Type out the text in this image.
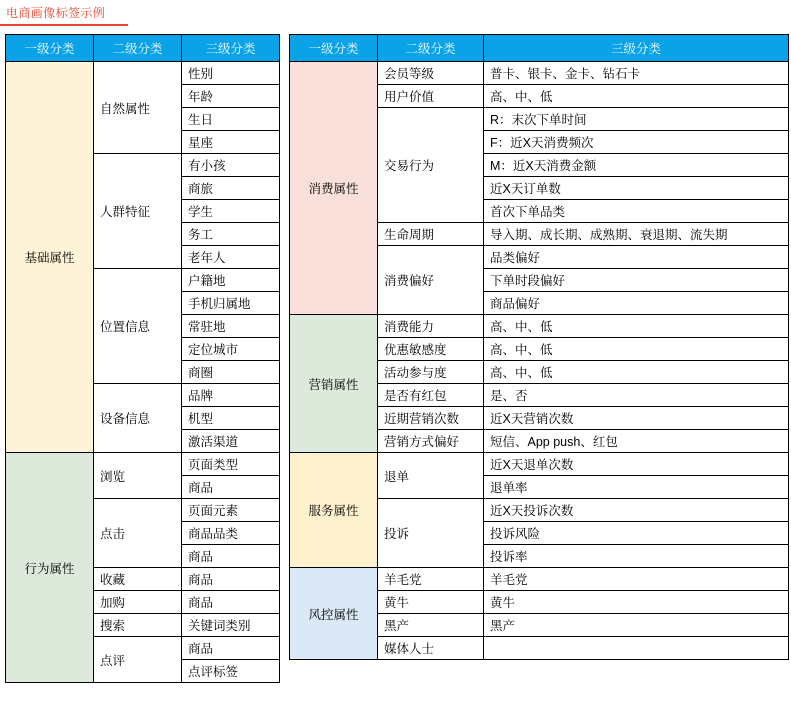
电商画像标签示例
一级分类	二级分类	三级分类
基础属性	自然属性	性别
		年龄
		生日
		星座
	人群特征	有小孩
		商旅
		学生
		务工
		老年人
	位置信息	户籍地
		手机归属地
		常驻地
		定位城市
		商圈
	设备信息	品牌
		机型
		激活渠道
行为属性	浏览	页面类型
		商品
	点击	页面元素
		商品品类
		商品
	收藏	商品
	加购	商品
	搜索	关键词类别
	点评	商品
		点评标签
一级分类	二级分类	三级分类
消费属性	会员等级	普卡、银卡、金卡、钻石卡
	用户价值	高、中、低
	交易行为	R：末次下单时间
		F：近X天消费频次
		M：近X天消费金额
		近X天订单数
		首次下单品类
	生命周期	导入期、成长期、成熟期、衰退期、流失期
	消费偏好	品类偏好
		下单时段偏好
		商品偏好
营销属性	消费能力	高、中、低
	优惠敏感度	高、中、低
	活动参与度	高、中、低
	是否有红包	是、否
	近期营销次数	近X天营销次数
	营销方式偏好	短信、App push、红包
服务属性	退单	近X天退单次数
		退单率
	投诉	近X天投诉次数
		投诉风险
		投诉率
风控属性	羊毛党	羊毛党
	黄牛	黄牛
	黑产	黑产
	媒体人士	
